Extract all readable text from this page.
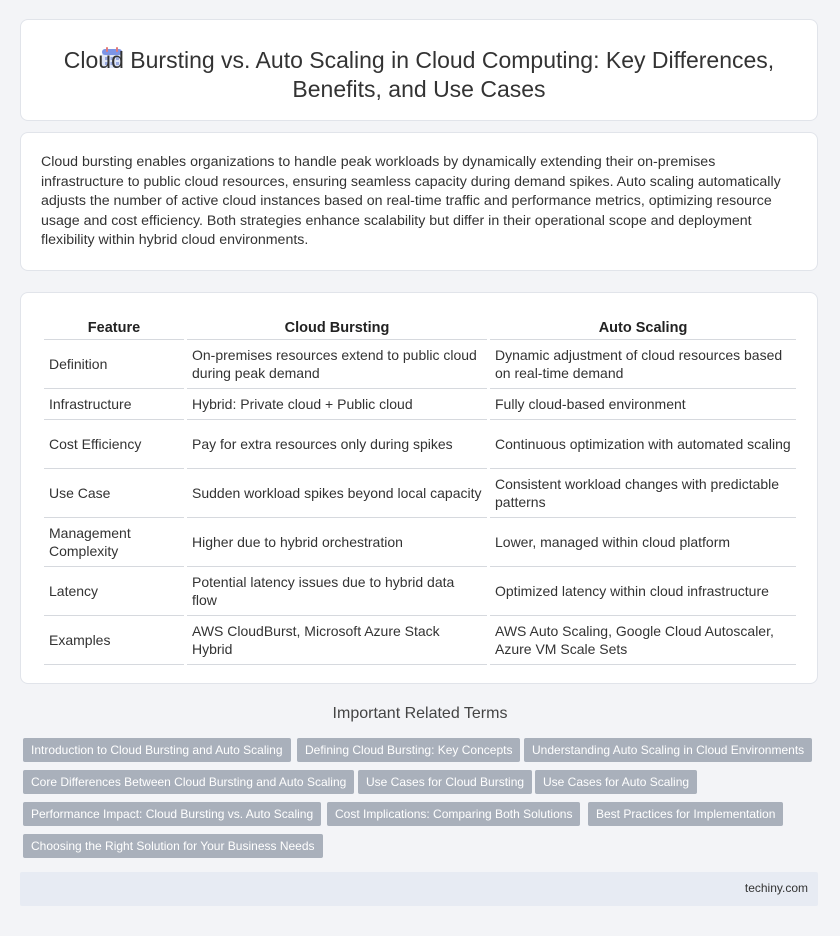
Cloud Bursting vs. Auto Scaling in Cloud Computing: Key Differences, Benefits, and Use Cases

Cloud bursting enables organizations to handle peak workloads by dynamically extending their on-premises infrastructure to public cloud resources, ensuring seamless capacity during demand spikes. Auto scaling automatically adjusts the number of active cloud instances based on real-time traffic and performance metrics, optimizing resource usage and cost efficiency. Both strategies enhance scalability but differ in their operational scope and deployment flexibility within hybrid cloud environments.

Feature	Cloud Bursting	Auto Scaling
Definition	On-premises resources extend to public cloud during peak demand	Dynamic adjustment of cloud resources based on real-time demand
Infrastructure	Hybrid: Private cloud + Public cloud	Fully cloud-based environment
Cost Efficiency	Pay for extra resources only during spikes	Continuous optimization with automated scaling
Use Case	Sudden workload spikes beyond local capacity	Consistent workload changes with predictable patterns
Management Complexity	Higher due to hybrid orchestration	Lower, managed within cloud platform
Latency	Potential latency issues due to hybrid data flow	Optimized latency within cloud infrastructure
Examples	AWS CloudBurst, Microsoft Azure Stack Hybrid	AWS Auto Scaling, Google Cloud Autoscaler, Azure VM Scale Sets
Important Related Terms
Introduction to Cloud Bursting and Auto Scaling	Defining Cloud Bursting: Key Concepts	Understanding Auto Scaling in Cloud Environments
Core Differences Between Cloud Bursting and Auto Scaling	Use Cases for Cloud Bursting	Use Cases for Auto Scaling
Performance Impact: Cloud Bursting vs. Auto Scaling	Cost Implications: Comparing Both Solutions	Best Practices for Implementation
Choosing the Right Solution for Your Business Needs
techiny.com
